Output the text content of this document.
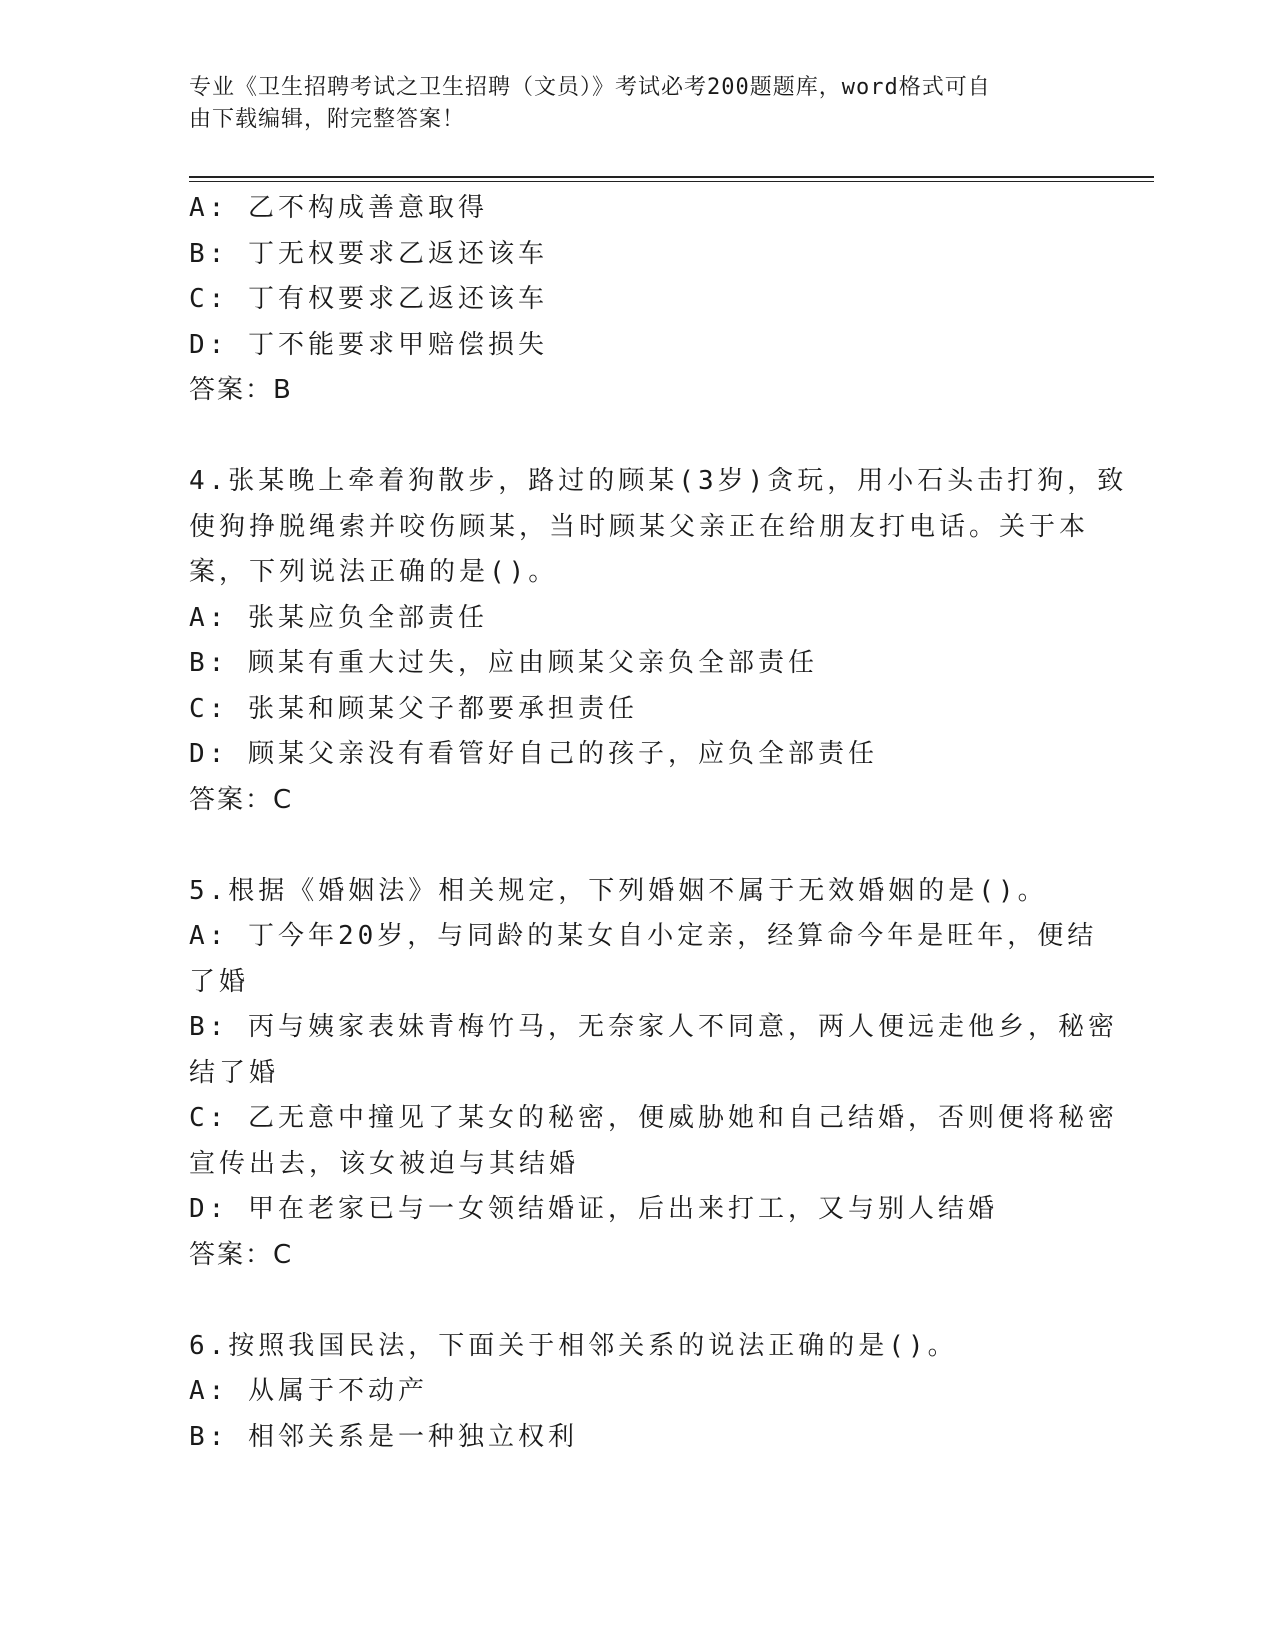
专业《卫生招聘考试之卫生招聘（文员）》考试必考200题题库，word格式可自
由下载编辑，附完整答案！
A: 乙不构成善意取得
B: 丁无权要求乙返还该车
C: 丁有权要求乙返还该车
D: 丁不能要求甲赔偿损失
答案：B
4.张某晚上牵着狗散步，路过的顾某(3岁)贪玩，用小石头击打狗，致
使狗挣脱绳索并咬伤顾某，当时顾某父亲正在给朋友打电话。关于本
案，下列说法正确的是()。
A: 张某应负全部责任
B: 顾某有重大过失，应由顾某父亲负全部责任
C: 张某和顾某父子都要承担责任
D: 顾某父亲没有看管好自己的孩子，应负全部责任
答案：C
5.根据《婚姻法》相关规定，下列婚姻不属于无效婚姻的是()。
A: 丁今年20岁，与同龄的某女自小定亲，经算命今年是旺年，便结
了婚
B: 丙与姨家表妹青梅竹马，无奈家人不同意，两人便远走他乡，秘密
结了婚
C: 乙无意中撞见了某女的秘密，便威胁她和自己结婚，否则便将秘密
宣传出去，该女被迫与其结婚
D: 甲在老家已与一女领结婚证，后出来打工，又与别人结婚
答案：C
6.按照我国民法，下面关于相邻关系的说法正确的是()。
A: 从属于不动产
B: 相邻关系是一种独立权利
